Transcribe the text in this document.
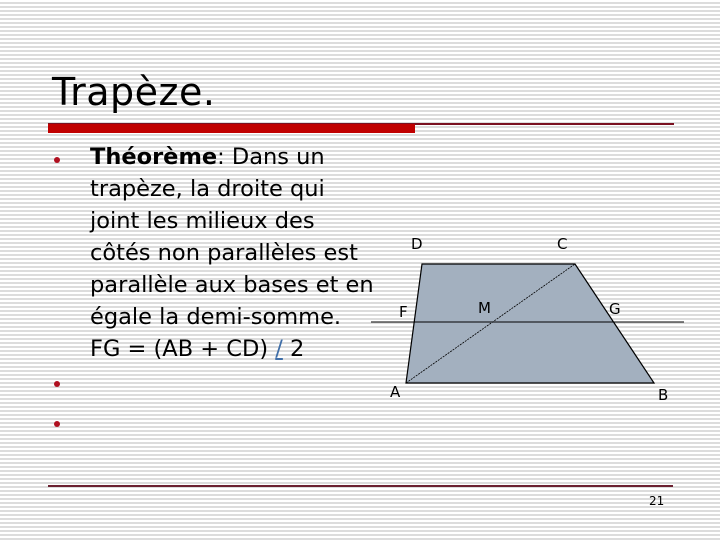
Trapèze.
Théorème: Dans un trapèze, la droite qui joint les milieux des côtés non parallèles est parallèle aux bases et en égale la demi-somme.
FG = (AB + CD) / 2
D	C
F	M	G
A	B
21
